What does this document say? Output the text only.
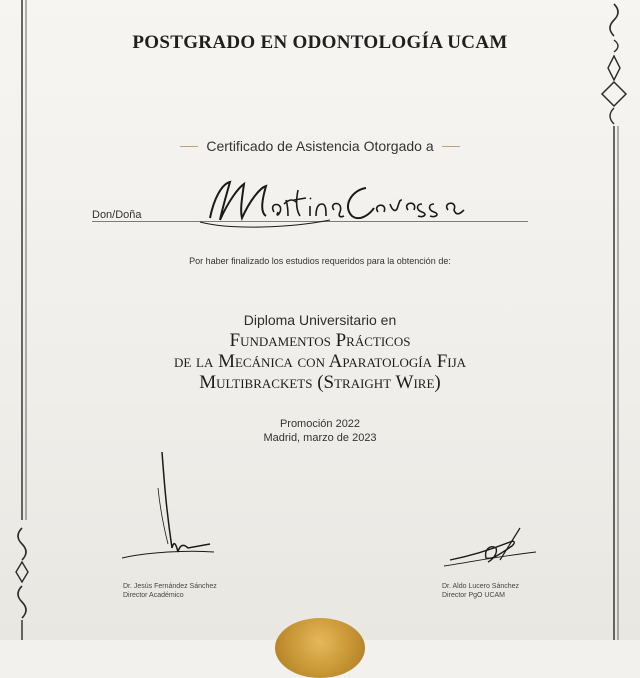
POSTGRADO EN ODONTOLOGÍA UCAM
Certificado de Asistencia Otorgado a
Don/Doña
Por haber finalizado los estudios requeridos para la obtención de:
Diploma Universitario en
Fundamentos Prácticos
de la Mecánica con Aparatología Fija
Multibrackets (Straight Wire)
Promoción 2022
Madrid, marzo de 2023
Dr. Jesús Fernández Sánchez
Director Académico
Dr. Aldo Lucero Sánchez
Director PgO UCAM
